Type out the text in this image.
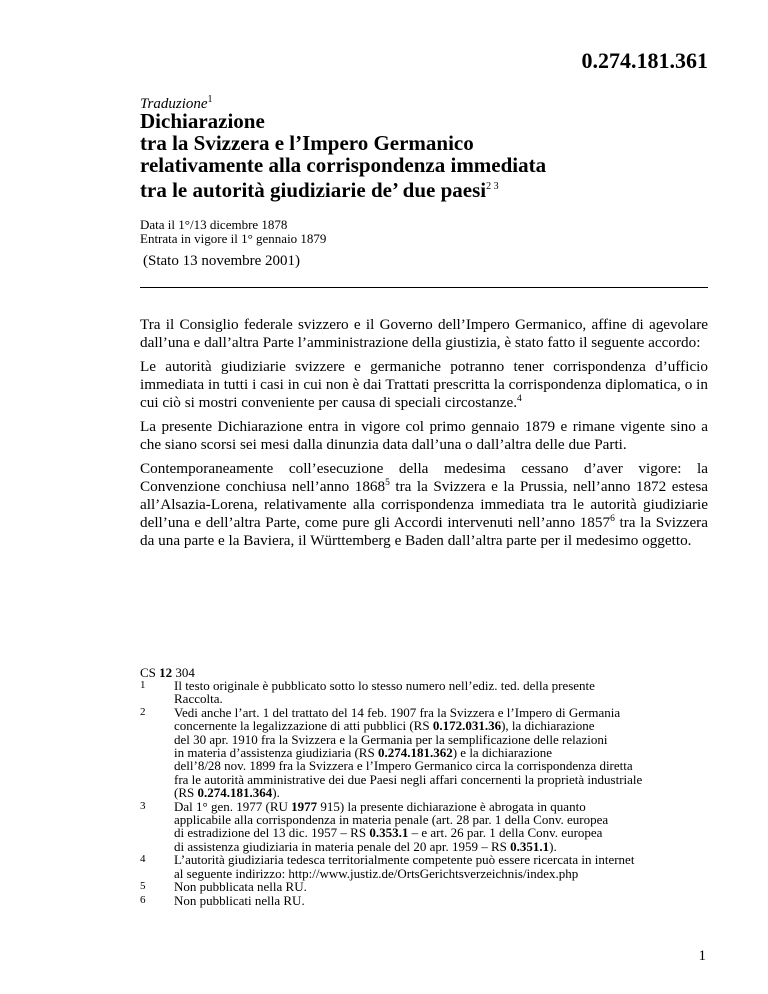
0.274.181.361
Traduzione$^1$
Dichiarazione
tra la Svizzera e l’Impero Germanico
relativamente alla corrispondenza immediata
tra le autorità giudiziarie de’ due paesi$^{2 3}$
Data il 1°/13 dicembre 1878
Entrata in vigore il 1° gennaio 1879
(Stato 13 novembre 2001)

Tra il Consiglio federale svizzero e il Governo dell’Impero Germanico, affine di agevolare dall’una e dall’altra Parte l’amministrazione della giustizia, è stato fatto il seguente accordo:

Le autorità giudiziarie svizzere e germaniche potranno tener corrispondenza d’ufficio immediata in tutti i casi in cui non è dai Trattati prescritta la corrispondenza diplomatica, o in cui ciò si mostri conveniente per causa di speciali circostanze.$^4$

La presente Dichiarazione entra in vigore col primo gennaio 1879 e rimane vigente sino a che siano scorsi sei mesi dalla dinunzia data dall’una o dall’altra delle due Parti.

Contemporaneamente coll’esecuzione della medesima cessano d’aver vigore: la Convenzione conchiusa nell’anno 1868$^5$ tra la Svizzera e la Prussia, nell’anno 1872 estesa all’Alsazia-Lorena, relativamente alla corrispondenza immediata tra le autorità giudiziarie dell’una e dell’altra Parte, come pure gli Accordi intervenuti nell’anno 1857$^6$ tra la Svizzera da una parte e la Baviera, il Württemberg e Baden dall’altra parte per il medesimo oggetto.

CS 12 304
1	Il testo originale è pubblicato sotto lo stesso numero nell’ediz. ted. della presente
Raccolta.
2	Vedi anche l’art. 1 del trattato del 14 feb. 1907 fra la Svizzera e l’Impero di Germania
concernente la legalizzazione di atti pubblici (RS 0.172.031.36), la dichiarazione
del 30 apr. 1910 fra la Svizzera e la Germania per la semplificazione delle relazioni
in materia d’assistenza giudiziaria (RS 0.274.181.362) e la dichiarazione
dell’8/28 nov. 1899 fra la Svizzera e l’Impero Germanico circa la corrispondenza diretta
fra le autorità amministrative dei due Paesi negli affari concernenti la proprietà industriale
(RS 0.274.181.364).
3	Dal 1° gen. 1977 (RU 1977 915) la presente dichiarazione è abrogata in quanto
applicabile alla corrispondenza in materia penale (art. 28 par. 1 della Conv. europea
di estradizione del 13 dic. 1957 – RS 0.353.1 – e art. 26 par. 1 della Conv. europea
di assistenza giudiziaria in materia penale del 20 apr. 1959 – RS 0.351.1).
4	L’autorità giudiziaria tedesca territorialmente competente può essere ricercata in internet
al seguente indirizzo: http://www.justiz.de/OrtsGerichtsverzeichnis/index.php
5	Non pubblicata nella RU.
6	Non pubblicati nella RU.
1
